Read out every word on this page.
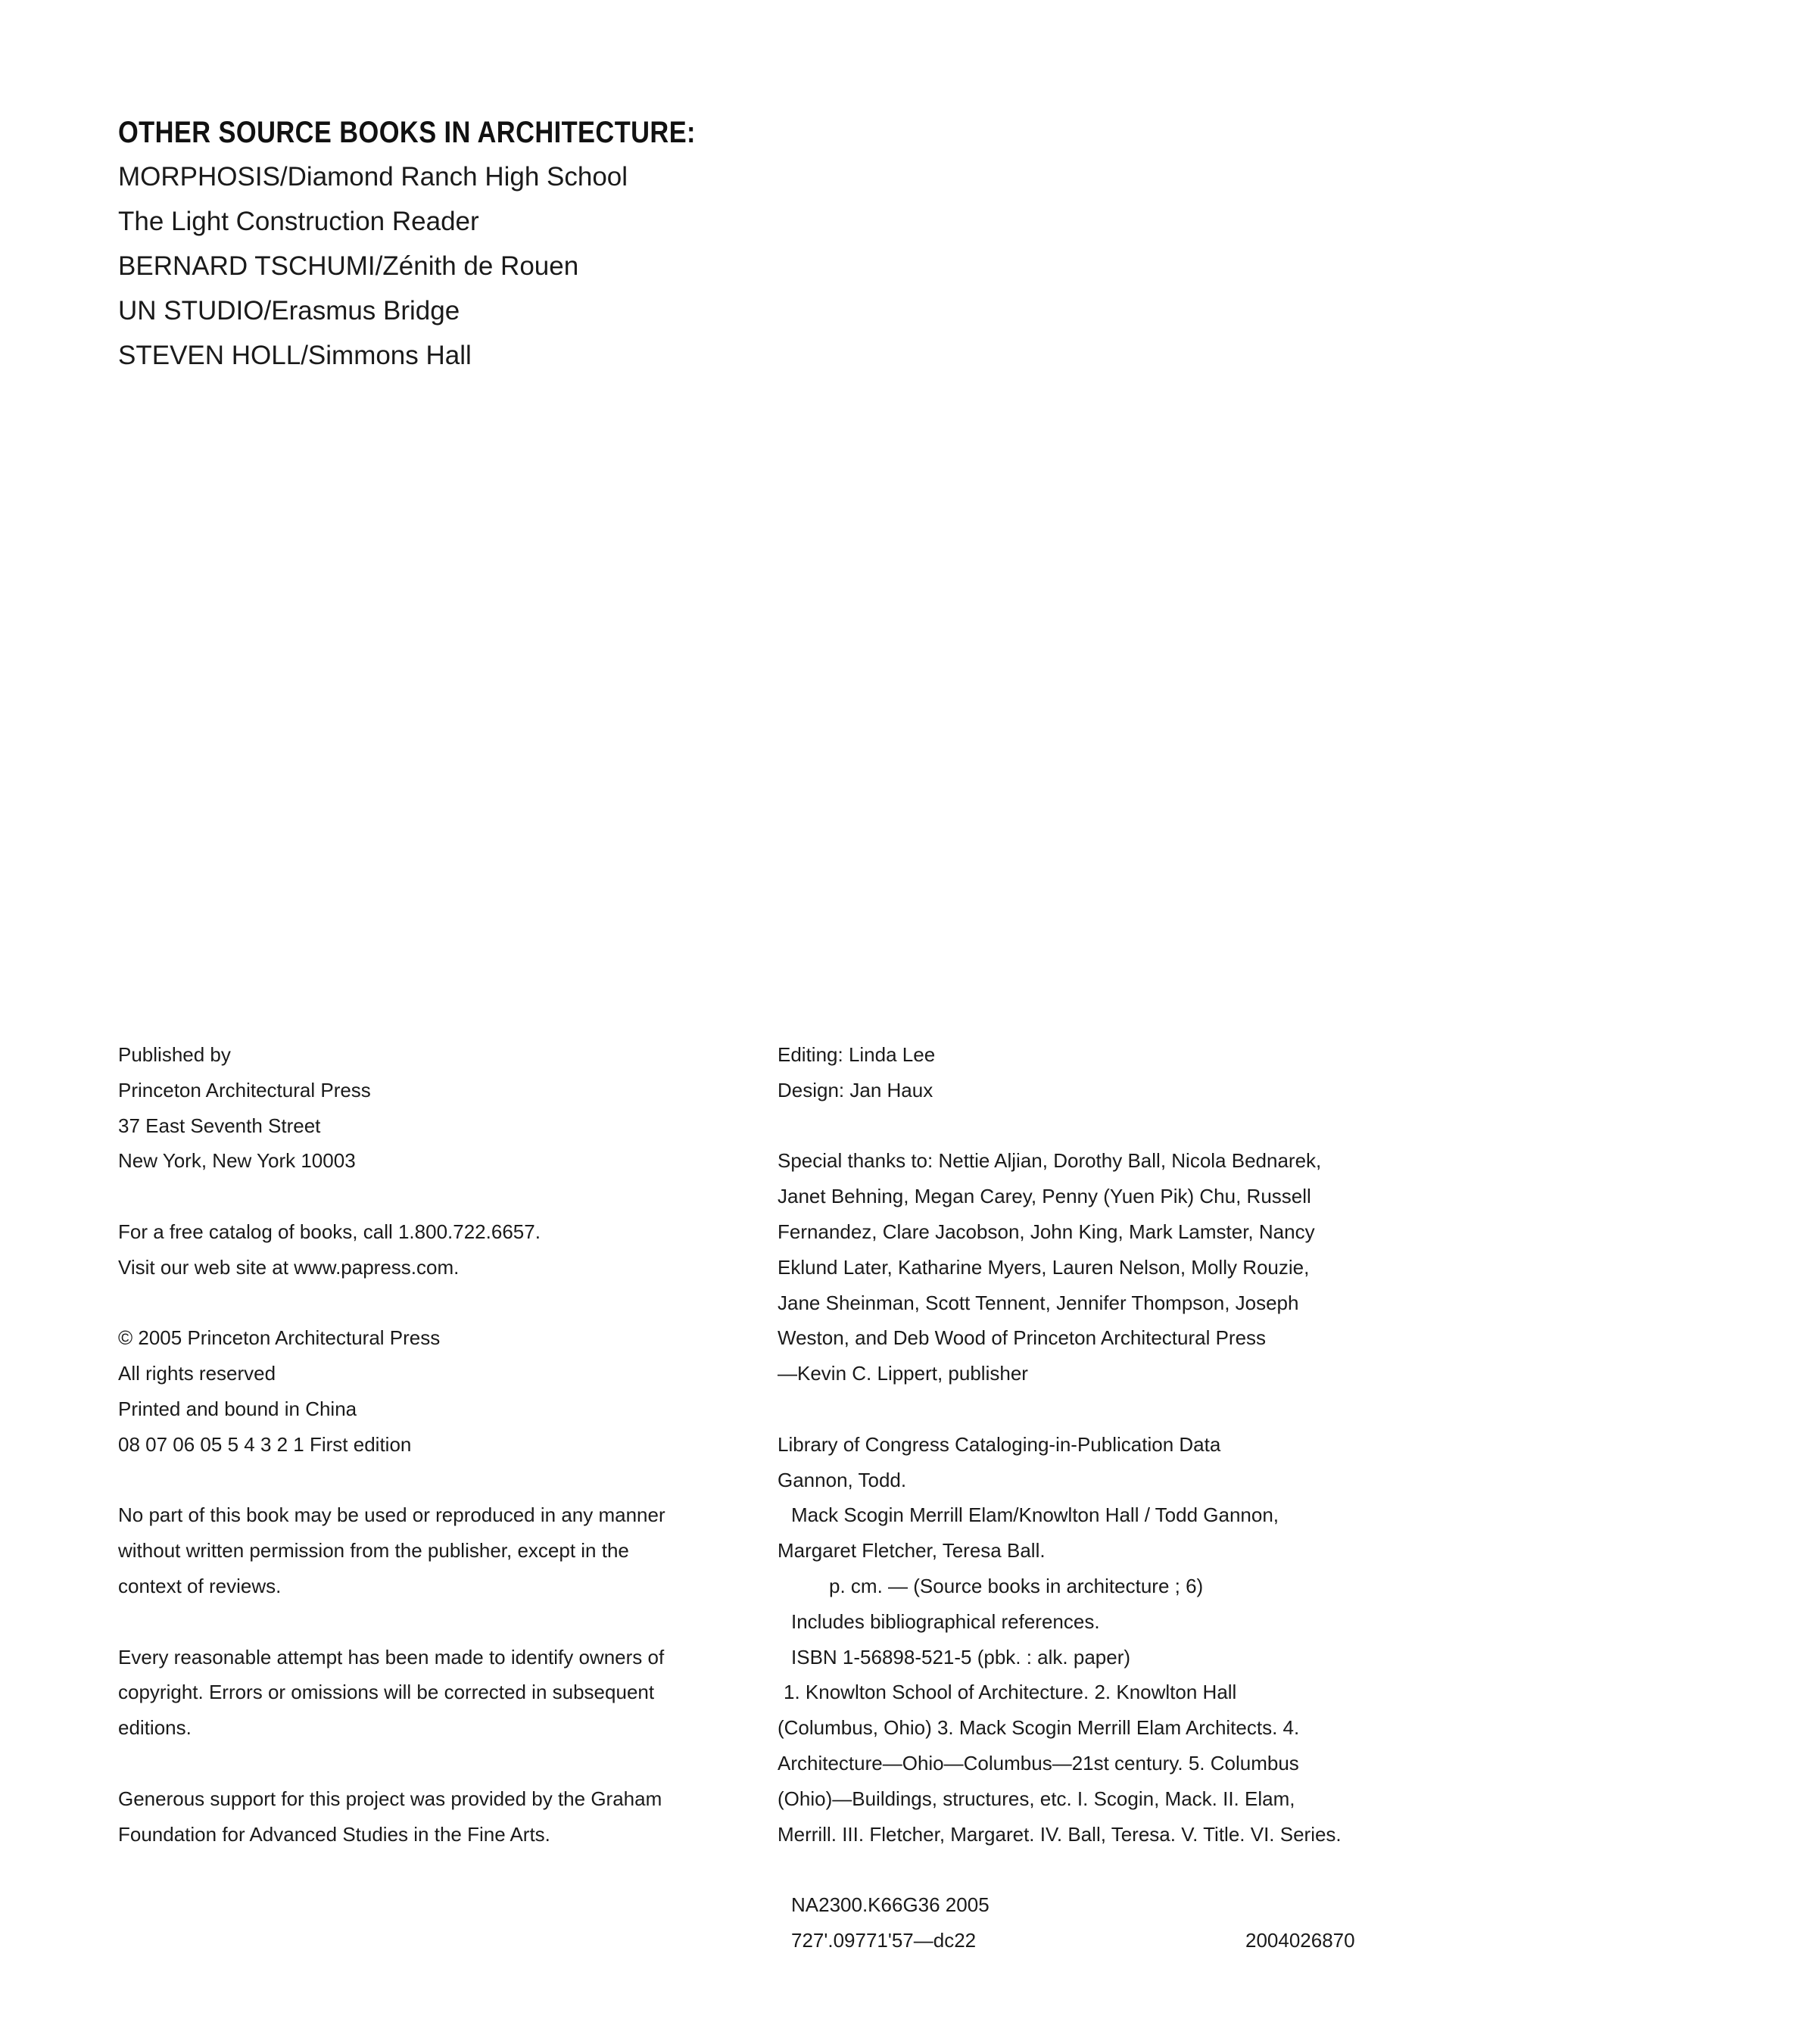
OTHER SOURCE BOOKS IN ARCHITECTURE:
MORPHOSIS/Diamond Ranch High School
The Light Construction Reader
BERNARD TSCHUMI/Zénith de Rouen
UN STUDIO/Erasmus Bridge
STEVEN HOLL/Simmons Hall

Published by
Princeton Architectural Press
37 East Seventh Street
New York, New York 10003

For a free catalog of books, call 1.800.722.6657.
Visit our web site at www.papress.com.

© 2005 Princeton Architectural Press
All rights reserved
Printed and bound in China
08 07 06 05 5 4 3 2 1 First edition

No part of this book may be used or reproduced in any manner
without written permission from the publisher, except in the
context of reviews.

Every reasonable attempt has been made to identify owners of
copyright. Errors or omissions will be corrected in subsequent
editions.

Generous support for this project was provided by the Graham
Foundation for Advanced Studies in the Fine Arts.

Editing: Linda Lee
Design: Jan Haux

Special thanks to: Nettie Aljian, Dorothy Ball, Nicola Bednarek,
Janet Behning, Megan Carey, Penny (Yuen Pik) Chu, Russell
Fernandez, Clare Jacobson, John King, Mark Lamster, Nancy
Eklund Later, Katharine Myers, Lauren Nelson, Molly Rouzie,
Jane Sheinman, Scott Tennent, Jennifer Thompson, Joseph
Weston, and Deb Wood of Princeton Architectural Press
—Kevin C. Lippert, publisher

Library of Congress Cataloging-in-Publication Data
Gannon, Todd.
Mack Scogin Merrill Elam/Knowlton Hall / Todd Gannon,
Margaret Fletcher, Teresa Ball.
p. cm. — (Source books in architecture ; 6)
Includes bibliographical references.
ISBN 1-56898-521-5 (pbk. : alk. paper)
1. Knowlton School of Architecture. 2. Knowlton Hall
(Columbus, Ohio) 3. Mack Scogin Merrill Elam Architects. 4.
Architecture—Ohio—Columbus—21st century. 5. Columbus
(Ohio)—Buildings, structures, etc. I. Scogin, Mack. II. Elam,
Merrill. III. Fletcher, Margaret. IV. Ball, Teresa. V. Title. VI. Series.

NA2300.K66G36 2005
727'.09771'57—dc22	2004026870
